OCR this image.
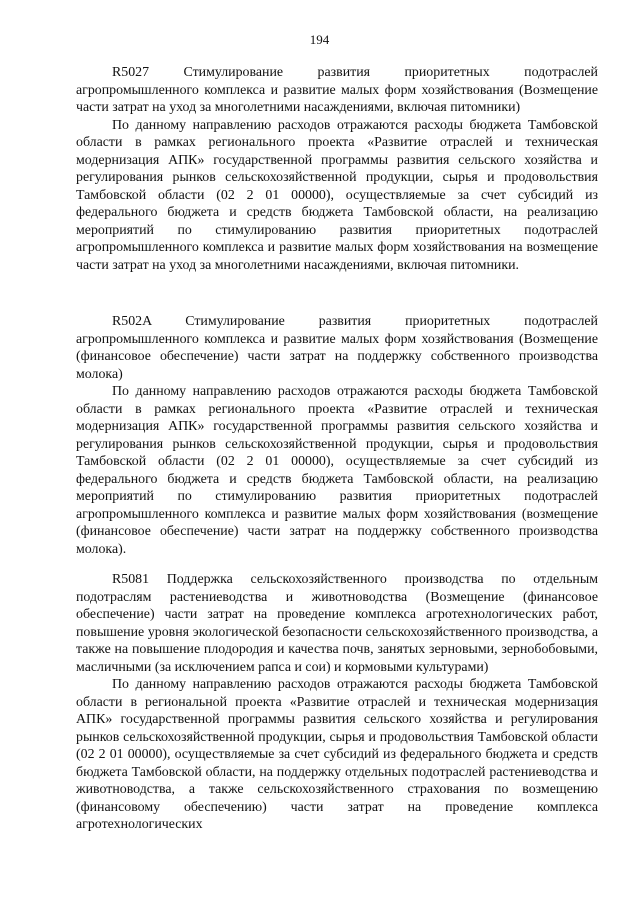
194

R5027 Стимулирование развития приоритетных подотраслей агропромышленного комплекса и развитие малых форм хозяйствования (Возмещение части затрат на уход за многолетними насаждениями, включая питомники)

По данному направлению расходов отражаются расходы бюджета Тамбовской области в рамках регионального проекта «Развитие отраслей и техническая модернизация АПК» государственной программы развития сельского хозяйства и регулирования рынков сельскохозяйственной продукции, сырья и продовольствия Тамбовской области (02 2 01 00000), осуществляемые за счет субсидий из федерального бюджета и средств бюджета Тамбовской области, на реализацию мероприятий по стимулированию развития приоритетных подотраслей агропромышленного комплекса и развитие малых форм хозяйствования на возмещение части затрат на уход за многолетними насаждениями, включая питомники.

R502A Стимулирование развития приоритетных подотраслей агропромышленного комплекса и развитие малых форм хозяйствования (Возмещение (финансовое обеспечение) части затрат на поддержку собственного производства молока)

По данному направлению расходов отражаются расходы бюджета Тамбовской области в рамках регионального проекта «Развитие отраслей и техническая модернизация АПК» государственной программы развития сельского хозяйства и регулирования рынков сельскохозяйственной продукции, сырья и продовольствия Тамбовской области (02 2 01 00000), осуществляемые за счет субсидий из федерального бюджета и средств бюджета Тамбовской области, на реализацию мероприятий по стимулированию развития приоритетных подотраслей агропромышленного комплекса и развитие малых форм хозяйствования (возмещение (финансовое обеспечение) части затрат на поддержку собственного производства молока).

R5081 Поддержка сельскохозяйственного производства по отдельным подотраслям растениеводства и животноводства (Возмещение (финансовое обеспечение) части затрат на проведение комплекса агротехнологических работ, повышение уровня экологической безопасности сельскохозяйственного производства, а также на повышение плодородия и качества почв, занятых зерновыми, зернобобовыми, масличными (за исключением рапса и сои) и кормовыми культурами)

По данному направлению расходов отражаются расходы бюджета Тамбовской области в региональной проекта «Развитие отраслей и техническая модернизация АПК» государственной программы развития сельского хозяйства и регулирования рынков сельскохозяйственной продукции, сырья и продовольствия Тамбовской области (02 2 01 00000), осуществляемые за счет субсидий из федерального бюджета и средств бюджета Тамбовской области, на поддержку отдельных подотраслей растениеводства и животноводства, а также сельскохозяйственного страхования по возмещению (финансовому обеспечению) части затрат на проведение комплекса агротехнологических
